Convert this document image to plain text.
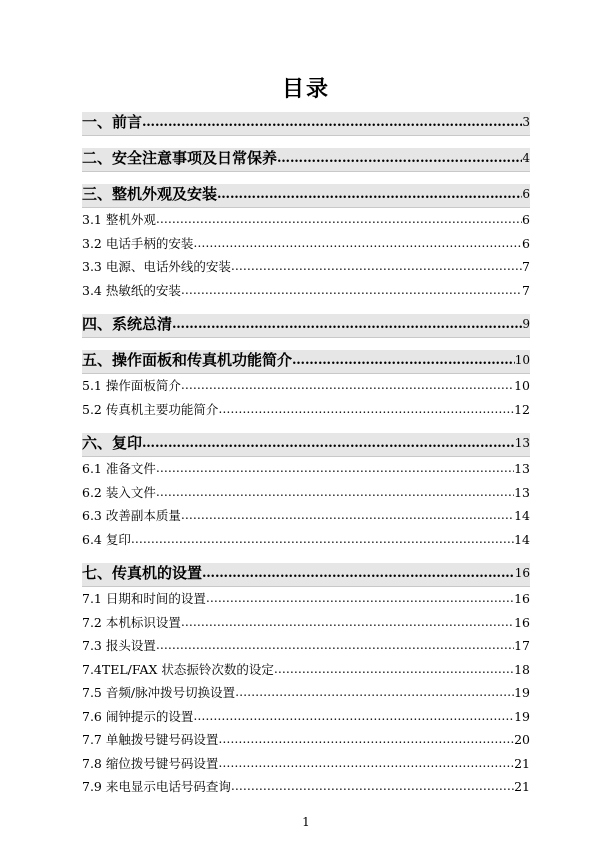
目录
一、前言 ………………………………………………………………………………………………………………………………………………………………	3
二、安全注意事项及日常保养 ………………………………………………………………………………………………………………………………………………………………	4
三、整机外观及安装 ………………………………………………………………………………………………………………………………………………………………	6
3.1 整机外观 ………………………………………………………………………………………………………………………………………………………………	6
3.2 电话手柄的安装 ………………………………………………………………………………………………………………………………………………………………	6
3.3 电源、电话外线的安装 ………………………………………………………………………………………………………………………………………………………………	7
3.4 热敏纸的安装 ………………………………………………………………………………………………………………………………………………………………	7
四、系统总清 ………………………………………………………………………………………………………………………………………………………………	9
五、操作面板和传真机功能简介 ………………………………………………………………………………………………………………………………………………………………	10
5.1 操作面板简介 ………………………………………………………………………………………………………………………………………………………………	10
5.2 传真机主要功能简介 ………………………………………………………………………………………………………………………………………………………………	12
六、复印 ………………………………………………………………………………………………………………………………………………………………	13
6.1 准备文件 ………………………………………………………………………………………………………………………………………………………………	13
6.2 装入文件 ………………………………………………………………………………………………………………………………………………………………	13
6.3 改善副本质量 ………………………………………………………………………………………………………………………………………………………………	14
6.4 复印 ………………………………………………………………………………………………………………………………………………………………	14
七、传真机的设置 ………………………………………………………………………………………………………………………………………………………………	16
7.1 日期和时间的设置 ………………………………………………………………………………………………………………………………………………………………	16
7.2 本机标识设置 ………………………………………………………………………………………………………………………………………………………………	16
7.3 报头设置 ………………………………………………………………………………………………………………………………………………………………	17
7.4TEL/FAX 状态振铃次数的设定 ………………………………………………………………………………………………………………………………………………………………	18
7.5 音频/脉冲拨号切换设置 ………………………………………………………………………………………………………………………………………………………………	19
7.6 闹钟提示的设置 ………………………………………………………………………………………………………………………………………………………………	19
7.7 单触拨号键号码设置 ………………………………………………………………………………………………………………………………………………………………	20
7.8 缩位拨号键号码设置 ………………………………………………………………………………………………………………………………………………………………	21
7.9 来电显示电话号码查询 ………………………………………………………………………………………………………………………………………………………………	21
1
